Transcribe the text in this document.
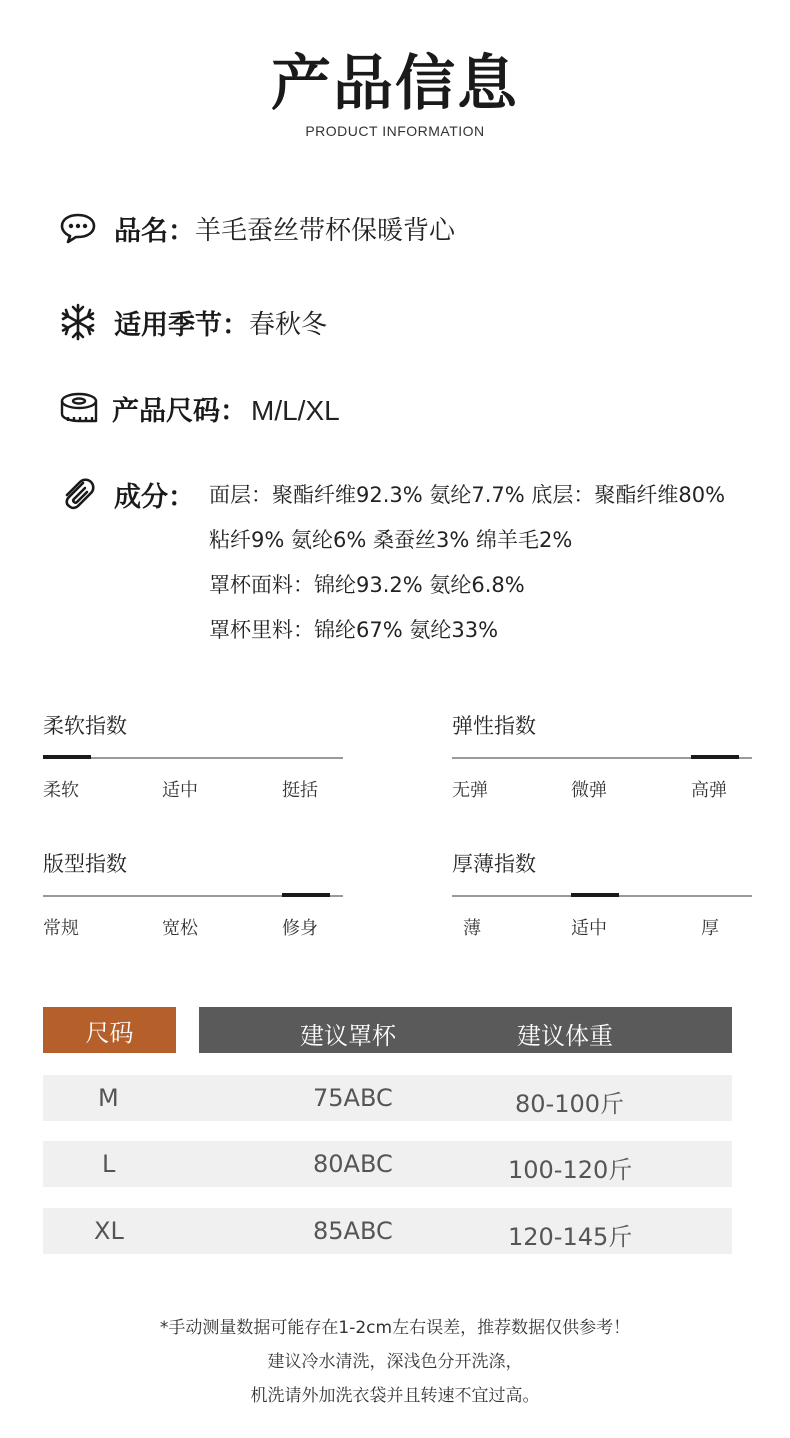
产品信息
PRODUCT INFORMATION
品名： 羊毛蚕丝带杯保暖背心
适用季节： 春秋冬
产品尺码： M/L/XL
成分： 面层：聚酯纤维92.3% 氨纶7.7% 底层：聚酯纤维80%
粘纤9% 氨纶6% 桑蚕丝3% 绵羊毛2%
罩杯面料：锦纶93.2% 氨纶6.8%
罩杯里料：锦纶67% 氨纶33%
柔软指数
柔软	适中	挺括
弹性指数
无弹	微弹	高弹
版型指数
常规	宽松	修身
厚薄指数
薄	适中	厚
尺码	建议罩杯	建议体重
M	75ABC	80-100斤
L	80ABC	100-120斤
XL	85ABC	120-145斤
*手动测量数据可能存在1-2cm左右误差，推荐数据仅供参考！
建议冷水清洗，深浅色分开洗涤，
机洗请外加洗衣袋并且转速不宜过高。
